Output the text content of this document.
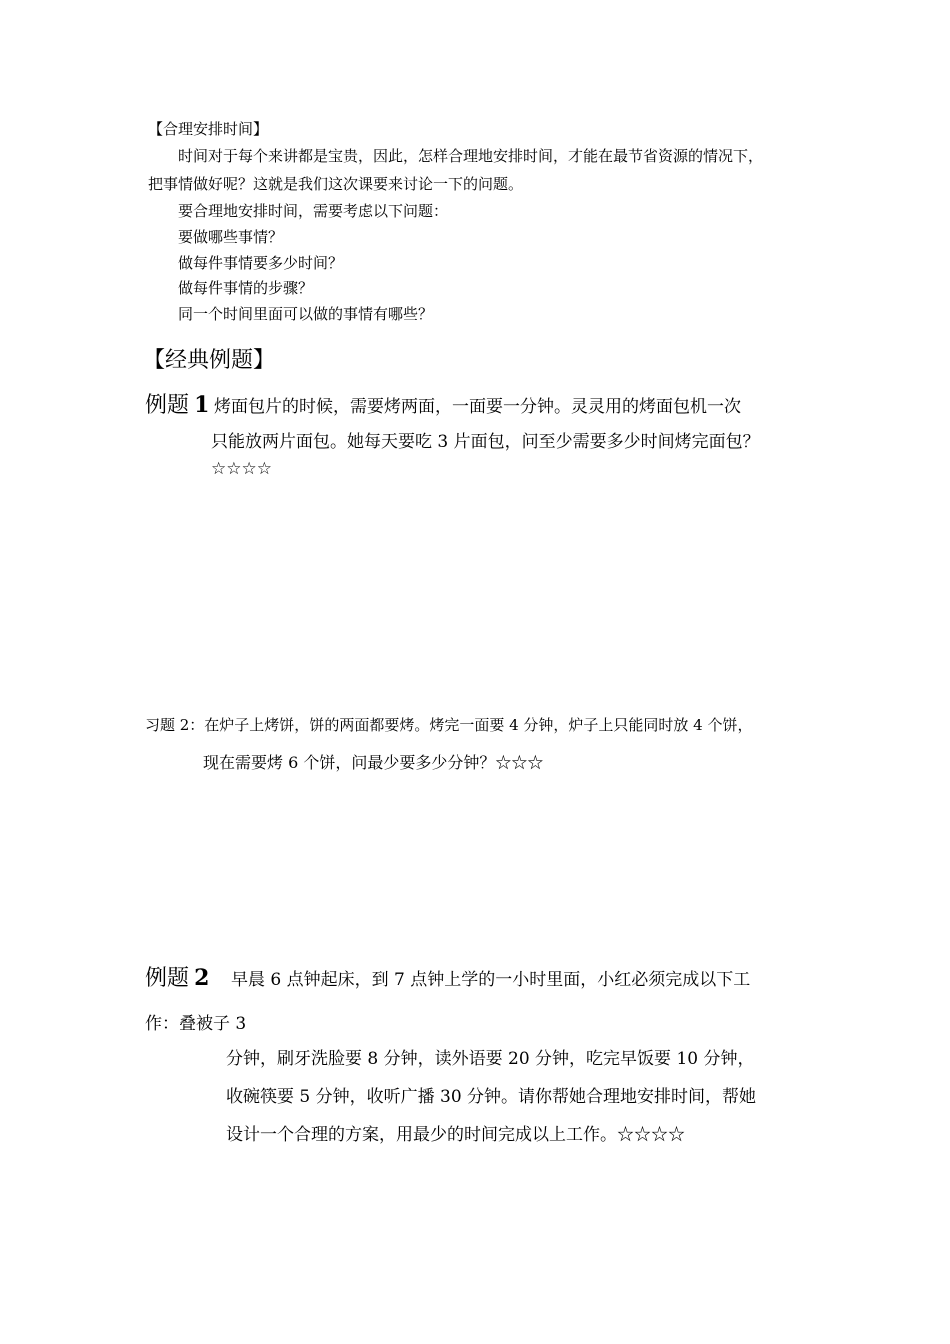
【合理安排时间】
时间对于每个来讲都是宝贵，因此，怎样合理地安排时间，才能在最节省资源的情况下，
把事情做好呢？这就是我们这次课要来讨论一下的问题。
要合理地安排时间，需要考虑以下问题：
要做哪些事情？
做每件事情要多少时间？
做每件事情的步骤？
同一个时间里面可以做的事情有哪些？
【经典例题】
例题 1 烤面包片的时候，需要烤两面，一面要一分钟。灵灵用的烤面包机一次
只能放两片面包。她每天要吃 3 片面包，问至少需要多少时间烤完面包？
☆☆☆☆
习题 2：在炉子上烤饼，饼的两面都要烤。烤完一面要 4 分钟，炉子上只能同时放 4 个饼，
现在需要烤 6 个饼，问最少要多少分钟？☆☆☆
例题 2 早晨 6 点钟起床，到 7 点钟上学的一小时里面，小红必须完成以下工
作：叠被子 3
分钟，刷牙洗脸要 8 分钟，读外语要 20 分钟，吃完早饭要 10 分钟，
收碗筷要 5 分钟，收听广播 30 分钟。请你帮她合理地安排时间，帮她
设计一个合理的方案，用最少的时间完成以上工作。☆☆☆☆
